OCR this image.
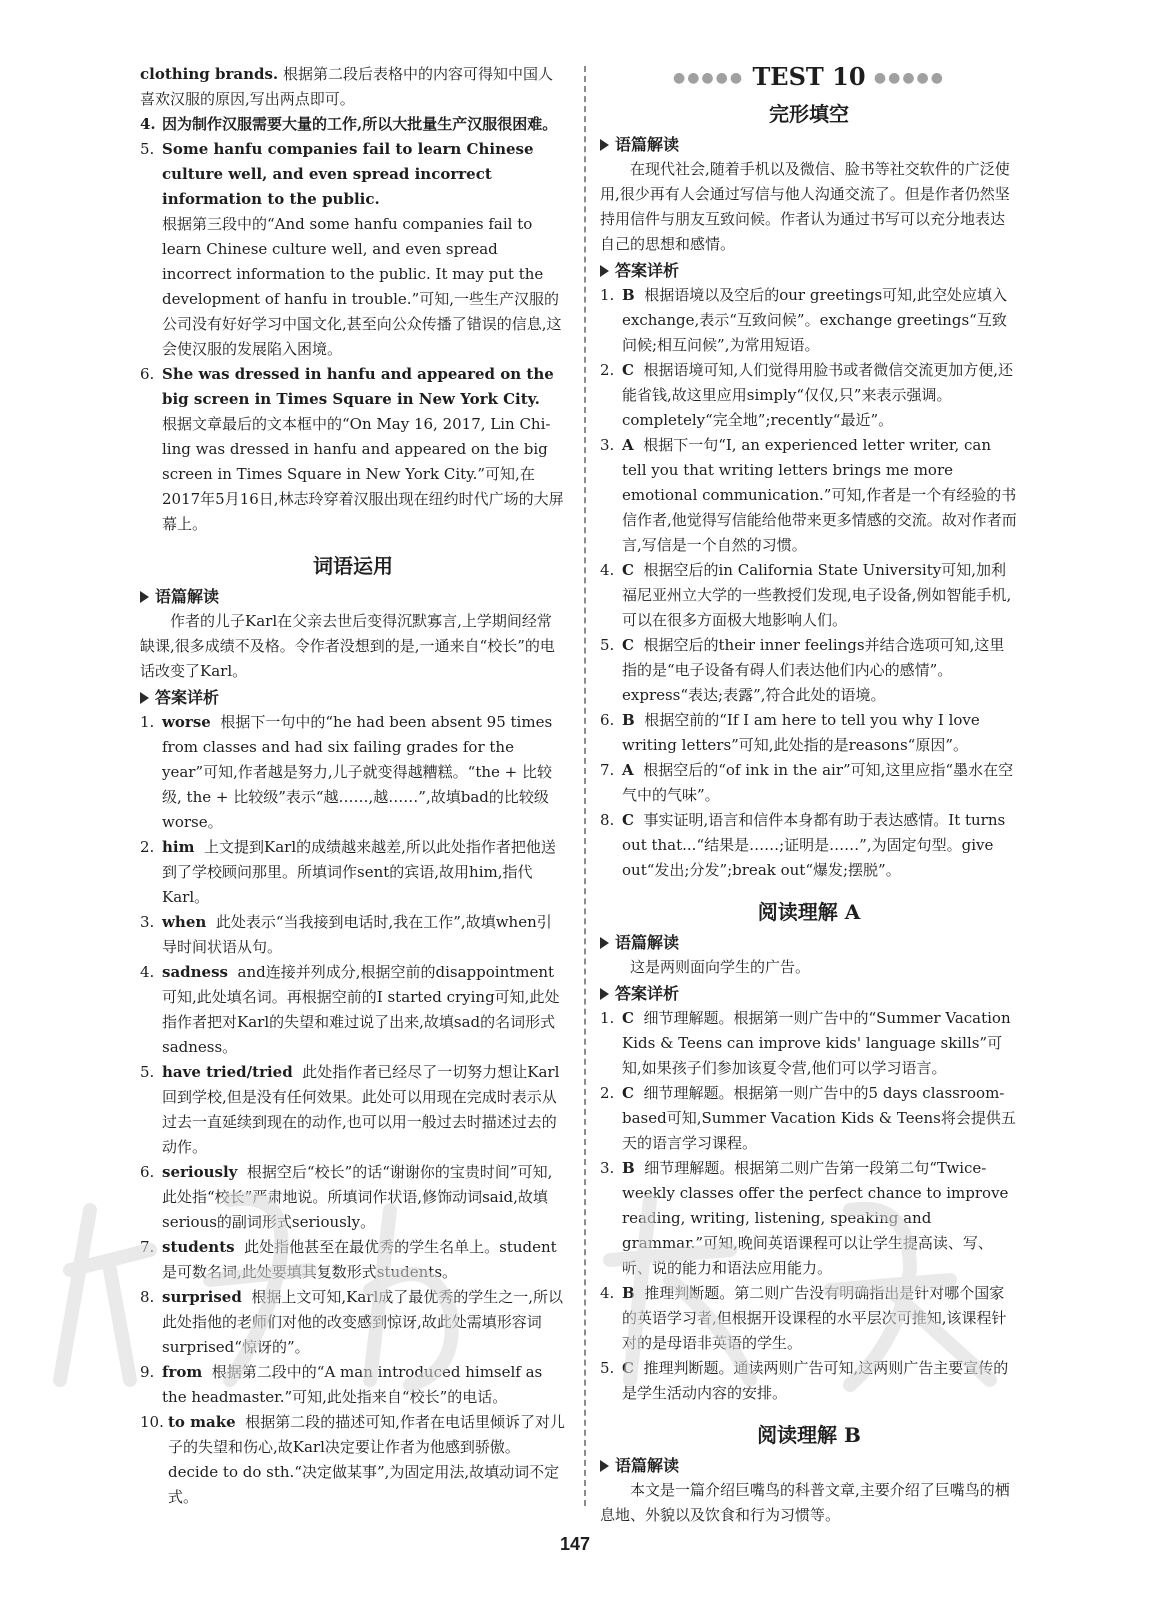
clothing brands. 根据第二段后表格中的内容可得知中国人喜欢汉服的原因,写出两点即可。

4. 因为制作汉服需要大量的工作,所以大批量生产汉服很困难。
5. Some hanfu companies fail to learn Chinese culture well, and even spread incorrect information to the public.
根据第三段中的“And some hanfu companies fail to learn Chinese culture well, and even spread incorrect information to the public. It may put the development of hanfu in trouble.”可知,一些生产汉服的公司没有好好学习中国文化,甚至向公众传播了错误的信息,这会使汉服的发展陷入困境。
6. She was dressed in hanfu and appeared on the big screen in Times Square in New York City.
根据文章最后的文本框中的“On May 16, 2017, Lin Chi-ling was dressed in hanfu and appeared on the big screen in Times Square in New York City.”可知,在2017年5月16日,林志玲穿着汉服出现在纽约时代广场的大屏幕上。
词语运用
语篇解读

作者的儿子Karl在父亲去世后变得沉默寡言,上学期间经常缺课,很多成绩不及格。令作者没想到的是,一通来自“校长”的电话改变了Karl。

答案详析
1. worse 根据下一句中的“he had been absent 95 times from classes and had six failing grades for the year”可知,作者越是努力,儿子就变得越糟糕。“the + 比较级, the + 比较级”表示“越……,越……”,故填bad的比较级worse。
2. him 上文提到Karl的成绩越来越差,所以此处指作者把他送到了学校顾问那里。所填词作sent的宾语,故用him,指代Karl。
3. when 此处表示“当我接到电话时,我在工作”,故填when引导时间状语从句。
4. sadness and连接并列成分,根据空前的disappointment可知,此处填名词。再根据空前的I started crying可知,此处指作者把对Karl的失望和难过说了出来,故填sad的名词形式sadness。
5. have tried/tried 此处指作者已经尽了一切努力想让Karl回到学校,但是没有任何效果。此处可以用现在完成时表示从过去一直延续到现在的动作,也可以用一般过去时描述过去的动作。
6. seriously 根据空后“校长”的话“谢谢你的宝贵时间”可知,此处指“校长”严肃地说。所填词作状语,修饰动词said,故填serious的副词形式seriously。
7. students 此处指他甚至在最优秀的学生名单上。student是可数名词,此处要填其复数形式students。
8. surprised 根据上文可知,Karl成了最优秀的学生之一,所以此处指他的老师们对他的改变感到惊讶,故此处需填形容词surprised“惊讶的”。
9. from 根据第二段中的“A man introduced himself as the headmaster.”可知,此处指来自“校长”的电话。
10. to make 根据第二段的描述可知,作者在电话里倾诉了对儿子的失望和伤心,故Karl决定要让作者为他感到骄傲。decide to do sth.“决定做某事”,为固定用法,故填动词不定式。
●●●●● TEST 10 ●●●●●
完形填空
语篇解读

在现代社会,随着手机以及微信、脸书等社交软件的广泛使用,很少再有人会通过写信与他人沟通交流了。但是作者仍然坚持用信件与朋友互致问候。作者认为通过书写可以充分地表达自己的思想和感情。

答案详析
1. B 根据语境以及空后的our greetings可知,此空处应填入exchange,表示“互致问候”。exchange greetings“互致问候;相互问候”,为常用短语。
2. C 根据语境可知,人们觉得用脸书或者微信交流更加方便,还能省钱,故这里应用simply“仅仅,只”来表示强调。completely“完全地”;recently“最近”。
3. A 根据下一句“I, an experienced letter writer, can tell you that writing letters brings me more emotional communication.”可知,作者是一个有经验的书信作者,他觉得写信能给他带来更多情感的交流。故对作者而言,写信是一个自然的习惯。
4. C 根据空后的in California State University可知,加利福尼亚州立大学的一些教授们发现,电子设备,例如智能手机,可以在很多方面极大地影响人们。
5. C 根据空后的their inner feelings并结合选项可知,这里指的是“电子设备有碍人们表达他们内心的感情”。express“表达;表露”,符合此处的语境。
6. B 根据空前的“If I am here to tell you why I love writing letters”可知,此处指的是reasons“原因”。
7. A 根据空后的“of ink in the air”可知,这里应指“墨水在空气中的气味”。
8. C 事实证明,语言和信件本身都有助于表达感情。It turns out that...“结果是……;证明是……”,为固定句型。give out“发出;分发”;break out“爆发;摆脱”。
阅读理解 A
语篇解读

这是两则面向学生的广告。

答案详析
1. C 细节理解题。根据第一则广告中的“Summer Vacation Kids & Teens can improve kids' language skills”可知,如果孩子们参加该夏令营,他们可以学习语言。
2. C 细节理解题。根据第一则广告中的5 days classroom-based可知,Summer Vacation Kids & Teens将会提供五天的语言学习课程。
3. B 细节理解题。根据第二则广告第一段第二句“Twice-weekly classes offer the perfect chance to improve reading, writing, listening, speaking and grammar.”可知,晚间英语课程可以让学生提高读、写、听、说的能力和语法应用能力。
4. B 推理判断题。第二则广告没有明确指出是针对哪个国家的英语学习者,但根据开设课程的水平层次可推知,该课程针对的是母语非英语的学生。
5. C 推理判断题。通读两则广告可知,这两则广告主要宣传的是学生活动内容的安排。
阅读理解 B
语篇解读

本文是一篇介绍巨嘴鸟的科普文章,主要介绍了巨嘴鸟的栖息地、外貌以及饮食和行为习惯等。

147
